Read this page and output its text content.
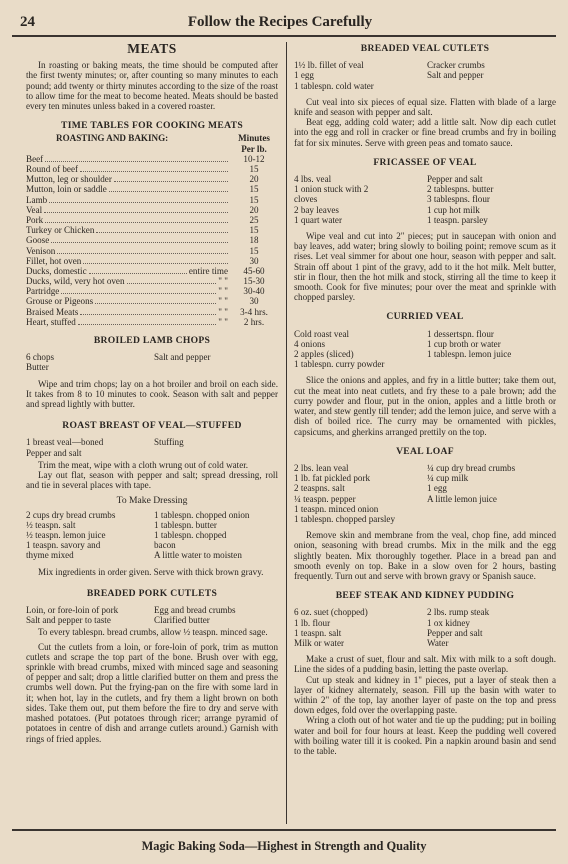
24	Follow the Recipes Carefully
MEATS

In roasting or baking meats, the time should be computed after the first twenty minutes; or, after counting so many minutes to each pound; add twenty or thirty minutes according to the size of the roast to allow time for the meat to become heated. Meats should be basted every ten minutes unless baked in a covered roaster.

TIME TABLES FOR COOKING MEATS
ROASTING AND BAKING:	Minutes
Per lb.
Beef	10-12
Round of beef	15
Mutton, leg or shoulder	20
Mutton, loin or saddle	15
Lamb	15
Veal	20
Pork	25
Turkey or Chicken	15
Goose	18
Venison	15
Fillet, hot oven	30
Ducks, domestic	entire time	45-60
Ducks, wild, very hot oven	" "	15-30
Partridge	" "	30-40
Grouse or Pigeons	" "	30
Braised Meats	" "	3-4 hrs.
Heart, stuffed	" "	2 hrs.
BROILED LAMB CHOPS
6 chops	Salt and pepper
Butter

Wipe and trim chops; lay on a hot broiler and broil on each side. It takes from 8 to 10 minutes to cook. Season with salt and pepper and spread lightly with butter.

ROAST BREAST OF VEAL—STUFFED
1 breast veal—boned	Stuffing
Pepper and salt

Trim the meat, wipe with a cloth wrung out of cold water.

Lay out flat, season with pepper and salt; spread dressing, roll and tie in several places with tape.

To Make Dressing
2 cups dry bread crumbs	1 tablespn. chopped onion
½ teaspn. salt	1 tablespn. butter
½ teaspn. lemon juice	1 tablespn. chopped
1 teaspn. savory and	bacon
thyme mixed	A little water to moisten

Mix ingredients in order given. Serve with thick brown gravy.

BREADED PORK CUTLETS
Loin, or fore-loin of pork	Egg and bread crumbs
Salt and pepper to taste	Clarified butter

To every tablespn. bread crumbs, allow ½ teaspn. minced sage.

Cut the cutlets from a loin, or fore-loin of pork, trim as mutton cutlets and scrape the top part of the bone. Brush over with egg, sprinkle with bread crumbs, mixed with minced sage and seasoning of pepper and salt; drop a little clarified butter on them and press the crumbs well down. Put the frying-pan on the fire with some lard in it; when hot, lay in the cutlets, and fry them a light brown on both sides. Take them out, put them before the fire to dry and serve with mashed potatoes. (Put potatoes through ricer; arrange pyramid of potatoes in centre of dish and arrange cutlets around.) Garnish with rings of fried apples.

BREADED VEAL CUTLETS
1½ lb. fillet of veal	Cracker crumbs
1 egg	Salt and pepper
1 tablespn. cold water

Cut veal into six pieces of equal size. Flatten with blade of a large knife and season with pepper and salt.

Beat egg, adding cold water; add a little salt. Now dip each cutlet into the egg and roll in cracker or fine bread crumbs and fry in boiling fat for six minutes. Serve with green peas and tomato sauce.

FRICASSEE OF VEAL
4 lbs. veal	Pepper and salt
1 onion stuck with 2	2 tablespns. butter
cloves	3 tablespns. flour
2 bay leaves	1 cup hot milk
1 quart water	1 teaspn. parsley

Wipe veal and cut into 2" pieces; put in saucepan with onion and bay leaves, add water; bring slowly to boiling point; remove scum as it rises. Let veal simmer for about one hour, season with pepper and salt. Strain off about 1 pint of the gravy, add to it the hot milk. Melt butter, stir in flour, then the hot milk and stock, stirring all the time to keep it smooth. Cook for five minutes; pour over the meat and sprinkle with chopped parsley.

CURRIED VEAL
Cold roast veal	1 dessertspn. flour
4 onions	1 cup broth or water
2 apples (sliced)	1 tablespn. lemon juice
1 tablespn. curry powder

Slice the onions and apples, and fry in a little butter; take them out, cut the meat into neat cutlets, and fry these to a pale brown; add the curry powder and flour, put in the onion, apples and a little broth or water, and stew gently till tender; add the lemon juice, and serve with a dish of boiled rice. The curry may be ornamented with pickles, capsicums, and gherkins arranged prettily on the top.

VEAL LOAF
2 lbs. lean veal	¼ cup dry bread crumbs
1 lb. fat pickled pork	¼ cup milk
2 teaspns. salt	1 egg
¼ teaspn. pepper	A little lemon juice
1 teaspn. minced onion
1 tablespn. chopped parsley

Remove skin and membrane from the veal, chop fine, add minced onion, seasoning with bread crumbs. Mix in the milk and the egg slightly beaten. Mix thoroughly together. Place in a bread pan and smooth evenly on top. Bake in a slow oven for 2 hours, basting frequently. Turn out and serve with brown gravy or Spanish sauce.

BEEF STEAK AND KIDNEY PUDDING
6 oz. suet (chopped)	2 lbs. rump steak
1 lb. flour	1 ox kidney
1 teaspn. salt	Pepper and salt
Milk or water	Water

Make a crust of suet, flour and salt. Mix with milk to a soft dough. Line the sides of a pudding basin, letting the paste overlap.

Cut up steak and kidney in 1" pieces, put a layer of steak then a layer of kidney alternately, season. Fill up the basin with water to within 2" of the top, lay another layer of paste on the top and press down edges, fold over the overlapping paste.

Wring a cloth out of hot water and tie up the pudding; put in boiling water and boil for four hours at least. Keep the pudding well covered with boiling water till it is cooked. Pin a napkin around basin and send to the table.

Magic Baking Soda—Highest in Strength and Quality
